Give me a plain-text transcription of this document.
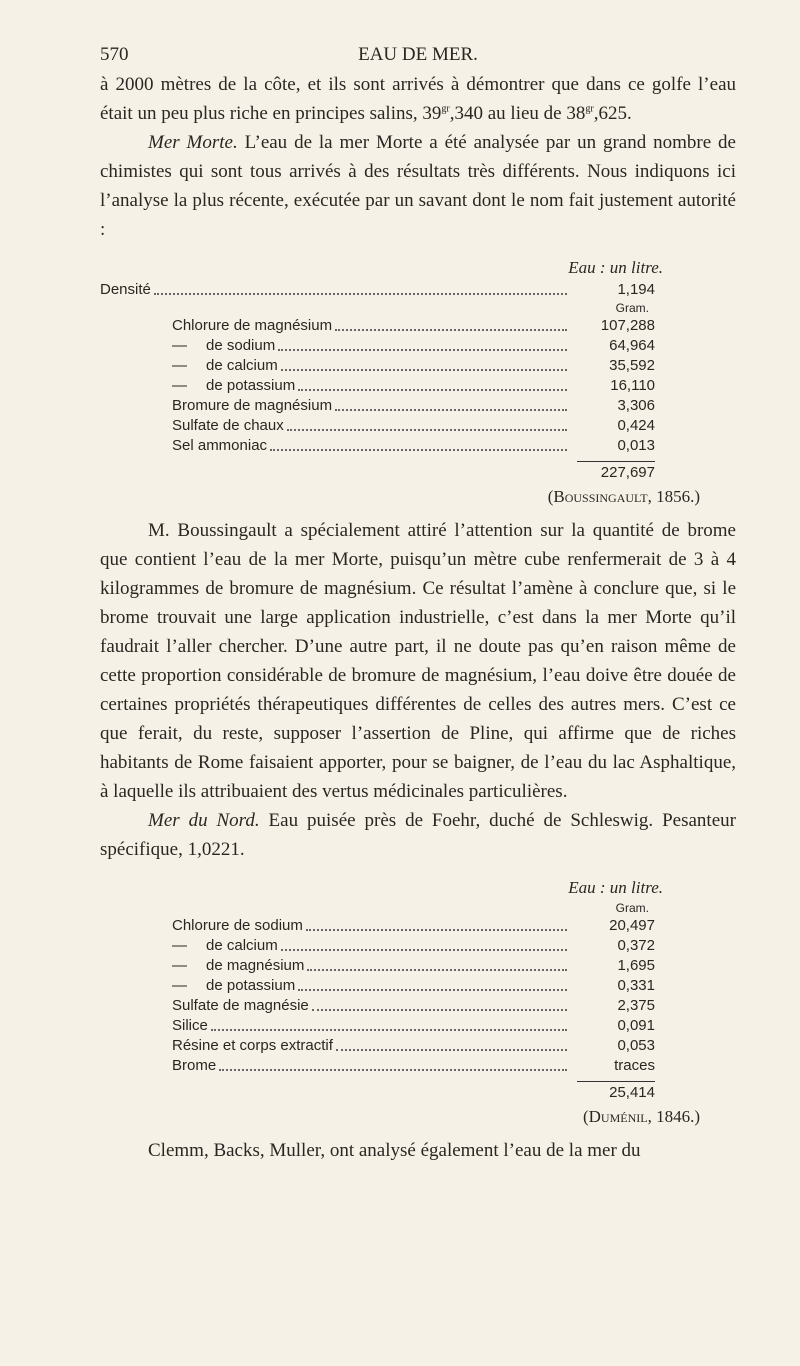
570	EAU DE MER.

à 2000 mètres de la côte, et ils sont arrivés à démontrer que dans ce golfe l’eau était un peu plus riche en principes salins, $39^{gr},340$ au lieu de $38^{gr},625$.

Mer Morte. L’eau de la mer Morte a été analysée par un grand nombre de chimistes qui sont tous arrivés à des résultats très différents. Nous indiquons ici l’analyse la plus récente, exécutée par un savant dont le nom fait justement autorité :

Eau : un litre.
Densité	1,194
Gram.
Chlorure de magnésium	107,288
—	de sodium	64,964
—	de calcium	35,592
—	de potassium	16,110
Bromure de magnésium	3,306
Sulfate de chaux	0,424
Sel ammoniac	0,013
227,697
(Boussingault, 1856.)

M. Boussingault a spécialement attiré l’attention sur la quantité de brome que contient l’eau de la mer Morte, puisqu’un mètre cube renfermerait de 3 à 4 kilogrammes de bromure de magnésium. Ce résultat l’amène à conclure que, si le brome trouvait une large application industrielle, c’est dans la mer Morte qu’il faudrait l’aller chercher. D’une autre part, il ne doute pas qu’en raison même de cette proportion considérable de bromure de magnésium, l’eau doive être douée de certaines propriétés thérapeutiques différentes de celles des autres mers. C’est ce que ferait, du reste, supposer l’assertion de Pline, qui affirme que de riches habitants de Rome faisaient apporter, pour se baigner, de l’eau du lac Asphaltique, à laquelle ils attribuaient des vertus médicinales particulières.

Mer du Nord. Eau puisée près de Foehr, duché de Schleswig. Pesanteur spécifique, 1,0221.

Eau : un litre.
Gram.
Chlorure de sodium	20,497
—	de calcium	0,372
—	de magnésium	1,695
—	de potassium	0,331
Sulfate de magnésie	2,375
Silice	0,091
Résine et corps extractif	0,053
Brome	traces
25,414
(Duménil, 1846.)

Clemm, Backs, Muller, ont analysé également l’eau de la mer du
